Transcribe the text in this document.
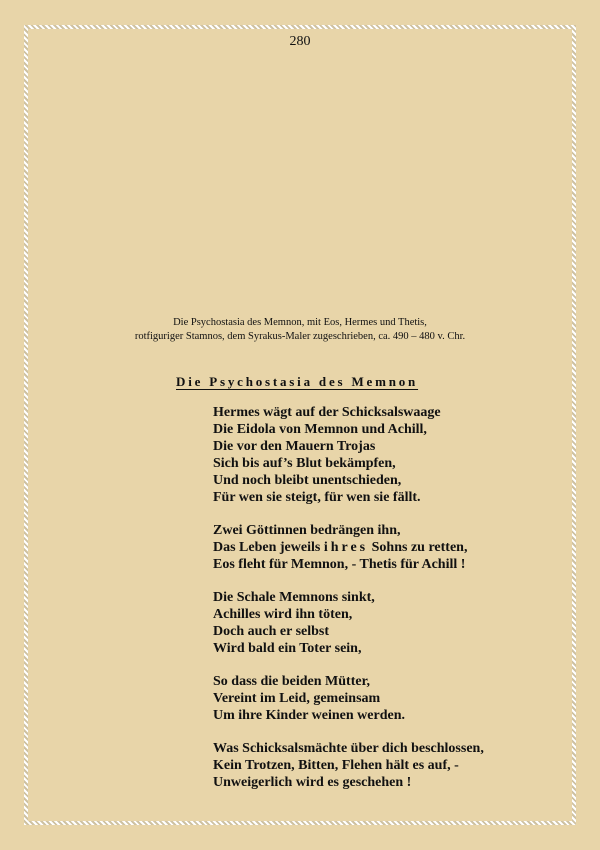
280
Die Psychostasia des Memnon, mit Eos, Hermes und Thetis,
rotfiguriger Stamnos, dem Syrakus-Maler zugeschrieben, ca. 490 – 480 v. Chr.
Die Psychostasia des Memnon
Hermes wägt auf der Schicksalswaage
Die Eidola von Memnon und Achill,
Die vor den Mauern Trojas
Sich bis auf’s Blut bekämpfen,
Und noch bleibt unentschieden,
Für wen sie steigt, für wen sie fällt.
Zwei Göttinnen bedrängen ihn,
Das Leben jeweils ihres Sohns zu retten,
Eos fleht für Memnon, - Thetis für Achill !
Die Schale Memnons sinkt,
Achilles wird ihn töten,
Doch auch er selbst
Wird bald ein Toter sein,
So dass die beiden Mütter,
Vereint im Leid, gemeinsam
Um ihre Kinder weinen werden.
Was Schicksalsmächte über dich beschlossen,
Kein Trotzen, Bitten, Flehen hält es auf, -
Unweigerlich wird es geschehen !
